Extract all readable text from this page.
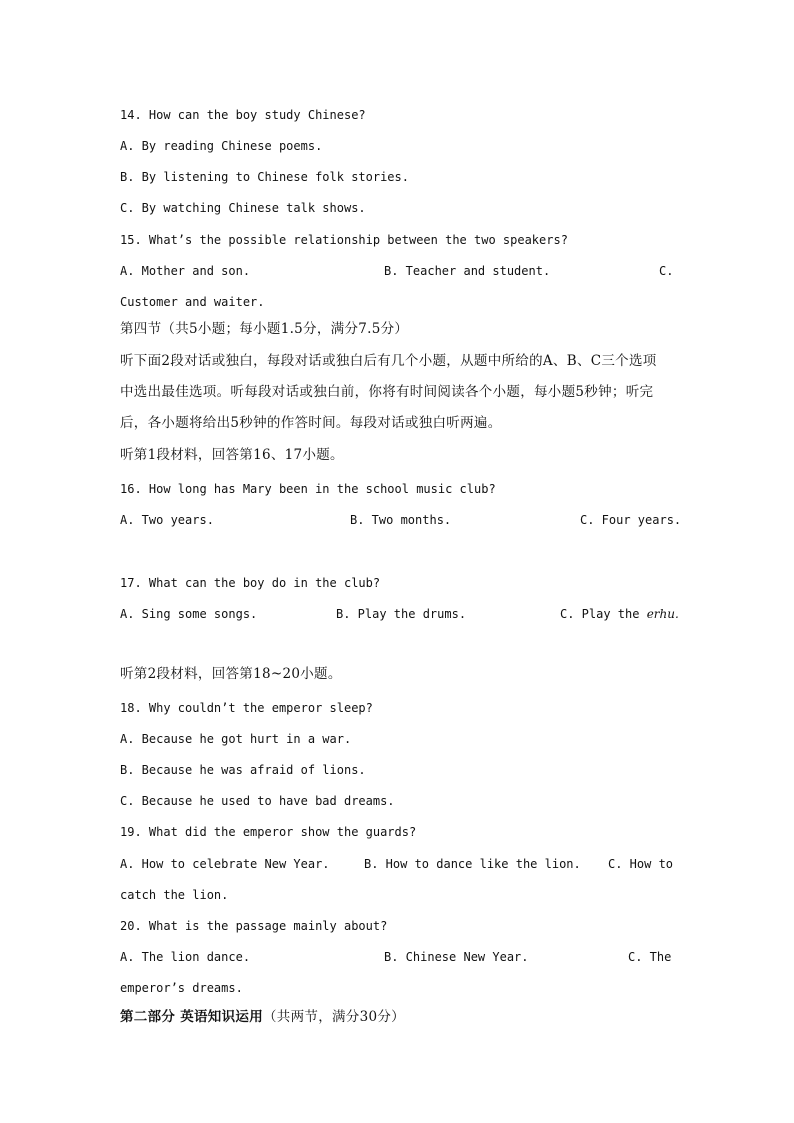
14. How can the boy study Chinese?
A. By reading Chinese poems.
B. By listening to Chinese folk stories.
C. By watching Chinese talk shows.
15. What’s the possible relationship between the two speakers?
A. Mother and son.	B. Teacher and student.	C.
Customer and waiter.
第四节（共5小题；每小题1.5分，满分7.5分）
听下面2段对话或独白，每段对话或独白后有几个小题，从题中所给的A、B、C三个选项
中选出最佳选项。听每段对话或独白前，你将有时间阅读各个小题，每小题5秒钟；听完
后，各小题将给出5秒钟的作答时间。每段对话或独白听两遍。
听第1段材料，回答第16、17小题。
16. How long has Mary been in the school music club?
A. Two years.	B. Two months.	C. Four years.
17. What can the boy do in the club?
A. Sing some songs.	B. Play the drums.	C. Play the erhu.
听第2段材料，回答第18~20小题。
18. Why couldn’t the emperor sleep?
A. Because he got hurt in a war.
B. Because he was afraid of lions.
C. Because he used to have bad dreams.
19. What did the emperor show the guards?
A. How to celebrate New Year.	B. How to dance like the lion. C. How to
catch the lion.
20. What is the passage mainly about?
A. The lion dance.	B. Chinese New Year.	C. The
emperor’s dreams.
第二部分 英语知识运用（共两节，满分30分）
